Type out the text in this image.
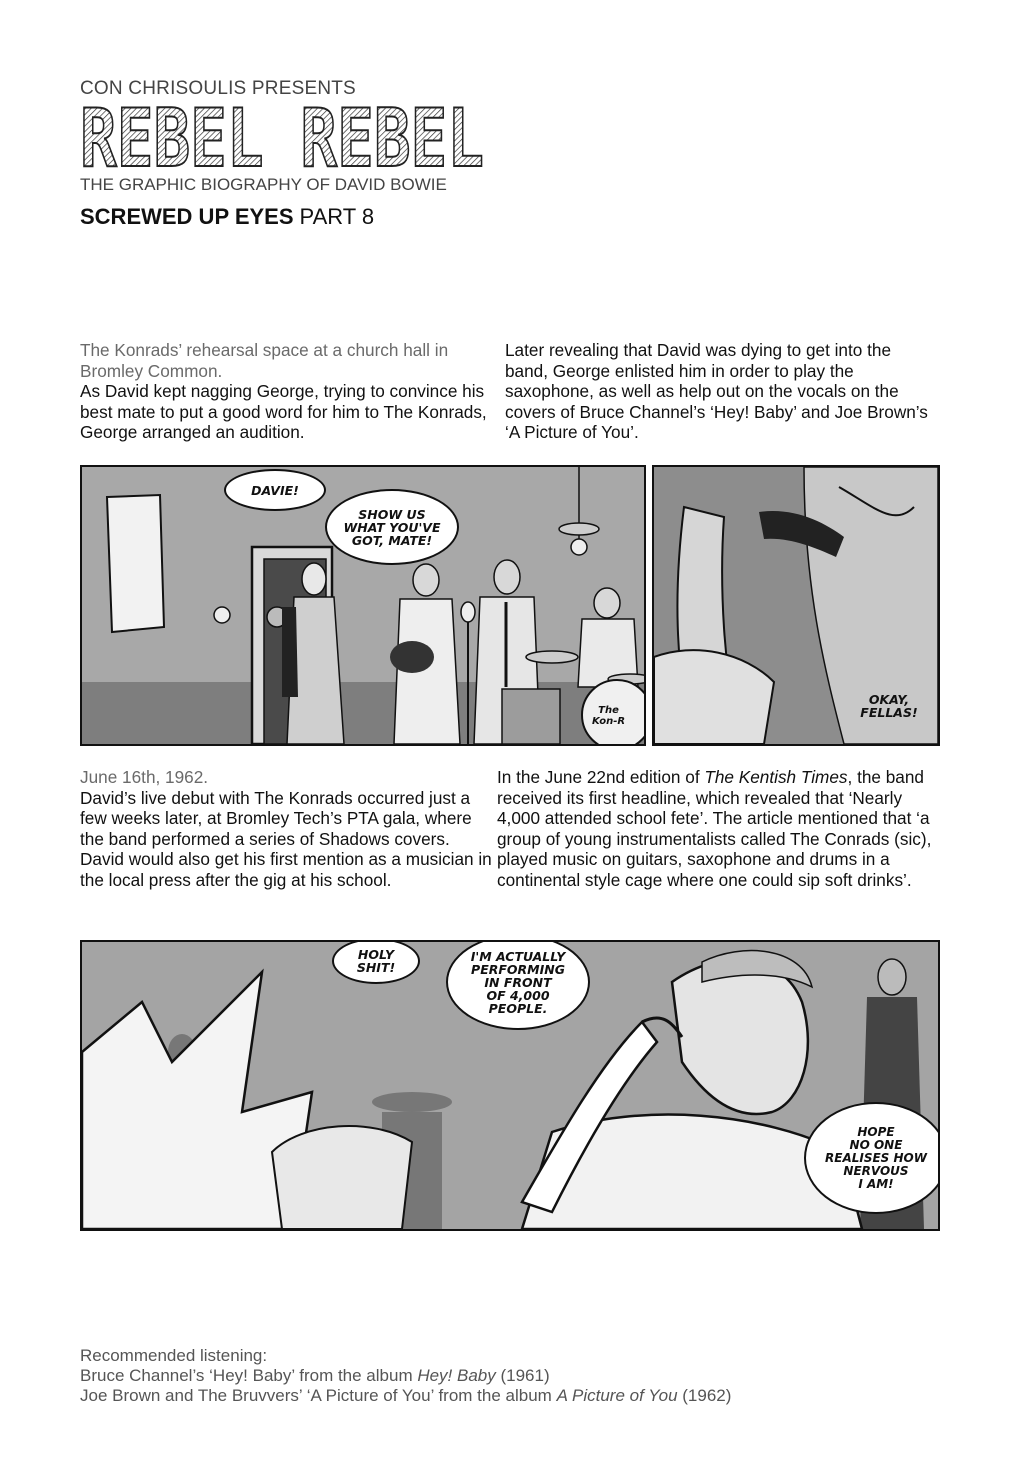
CON CHRISOULIS PRESENTS
REBEL REBEL
THE GRAPHIC BIOGRAPHY OF DAVID BOWIE
SCREWED UP EYES PART 8
The Konrads’ rehearsal space at a church hall in Bromley Common.
As David kept nagging George, trying to convince his best mate to put a good word for him to The Konrads, George arranged an audition.
Later revealing that David was dying to get into the band, George enlisted him in order to play the saxophone, as well as help out on the vocals on the covers of Bruce Channel’s ‘Hey! Baby’ and Joe Brown’s ‘A Picture of You’.
The
Kon-R
DAVIE!
SHOW US
WHAT YOU'VE
GOT, MATE!
OKAY,
FELLAS!
June 16th, 1962.
David’s live debut with The Konrads occurred just a few weeks later, at Bromley Tech’s PTA gala, where the band performed a series of Shadows covers. David would also get his first mention as a musician in the local press after the gig at his school.
In the June 22nd edition of The Kentish Times, the band received its first headline, which revealed that ‘Nearly 4,000 attended school fete’. The article mentioned that ‘a group of young instrumentalists called The Conrads (sic), played music on guitars, saxophone and drums in a continental style cage where one could sip soft drinks’.
HOLY
SHIT!
I'M ACTUALLY
PERFORMING
IN FRONT
OF 4,000
PEOPLE.
HOPE
NO ONE
REALISES HOW
NERVOUS
I AM!
Recommended listening:
Bruce Channel’s ‘Hey! Baby’ from the album Hey! Baby (1961)
Joe Brown and The Bruvvers’ ‘A Picture of You’ from the album A Picture of You (1962)
